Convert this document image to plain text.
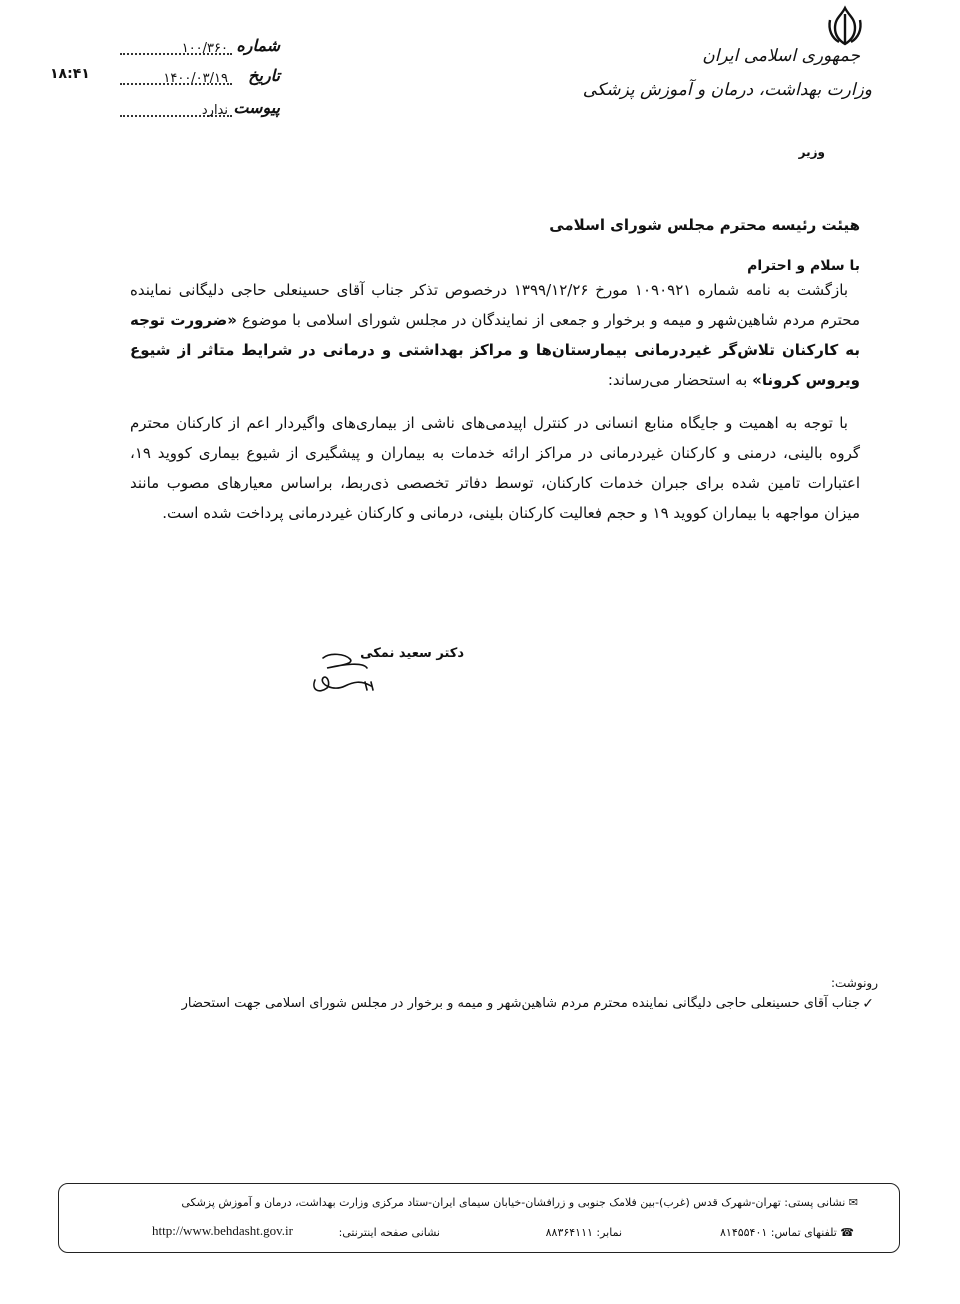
جمهوری اسلامی ایران
وزارت بهداشت، درمان و آموزش پزشکی
وزیر
شماره
۱۰۰/۳۶۰
تاریخ
۱۴۰۰/۰۳/۱۹
پیوست
ندارد
۱۸:۴۱
هیئت رئیسه محترم مجلس شورای اسلامی
با سلام و احترام
بازگشت به نامه شماره ۱۰۹۰۹۲۱ مورخ ۱۳۹۹/۱۲/۲۶ درخصوص تذکر جناب آقای حسینعلی حاجی دلیگانی نماینده محترم مردم شاهین‌شهر و میمه و برخوار و جمعی از نمایندگان در مجلس شورای اسلامی با موضوع «ضرورت توجه به کارکنان تلاش‌گر غیردرمانی بیمارستان‌ها و مراکز بهداشتی و درمانی در شرایط متاثر از شیوع ویروس کرونا» به استحضار می‌رساند:
با توجه به اهمیت و جایگاه منابع انسانی در کنترل اپیدمی‌های ناشی از بیماری‌های واگیردار اعم از کارکنان محترم گروه بالینی، درمنی و کارکنان غیردرمانی در مراکز ارائه خدمات به بیماران و پیشگیری از شیوع بیماری کووید ۱۹، اعتبارات تامین شده برای جبران خدمات کارکنان، توسط دفاتر تخصصی ذی‌ربط، براساس معیارهای مصوب مانند میزان مواجهه با بیماران کووید ۱۹ و حجم فعالیت کارکنان بلینی، درمانی و کارکنان غیردرمانی پرداخت شده است.
دکتر سعید نمکی
رونوشت:
✓
جناب آقای حسینعلی حاجی دلیگانی نماینده محترم مردم شاهین‌شهر و میمه و برخوار در مجلس شورای اسلامی جهت استحضار
✉ نشانی پستی: تهران-شهرک قدس (غرب)-بین فلامک جنوبی و زرافشان-خیابان سیمای ایران-ستاد مرکزی وزارت بهداشت، درمان و آموزش پزشکی
☎ تلفنهای تماس: ۸۱۴۵۵۴۰۱
نمابر: ۸۸۳۶۴۱۱۱
نشانی صفحه اینترنتی:
http://www.behdasht.gov.ir
